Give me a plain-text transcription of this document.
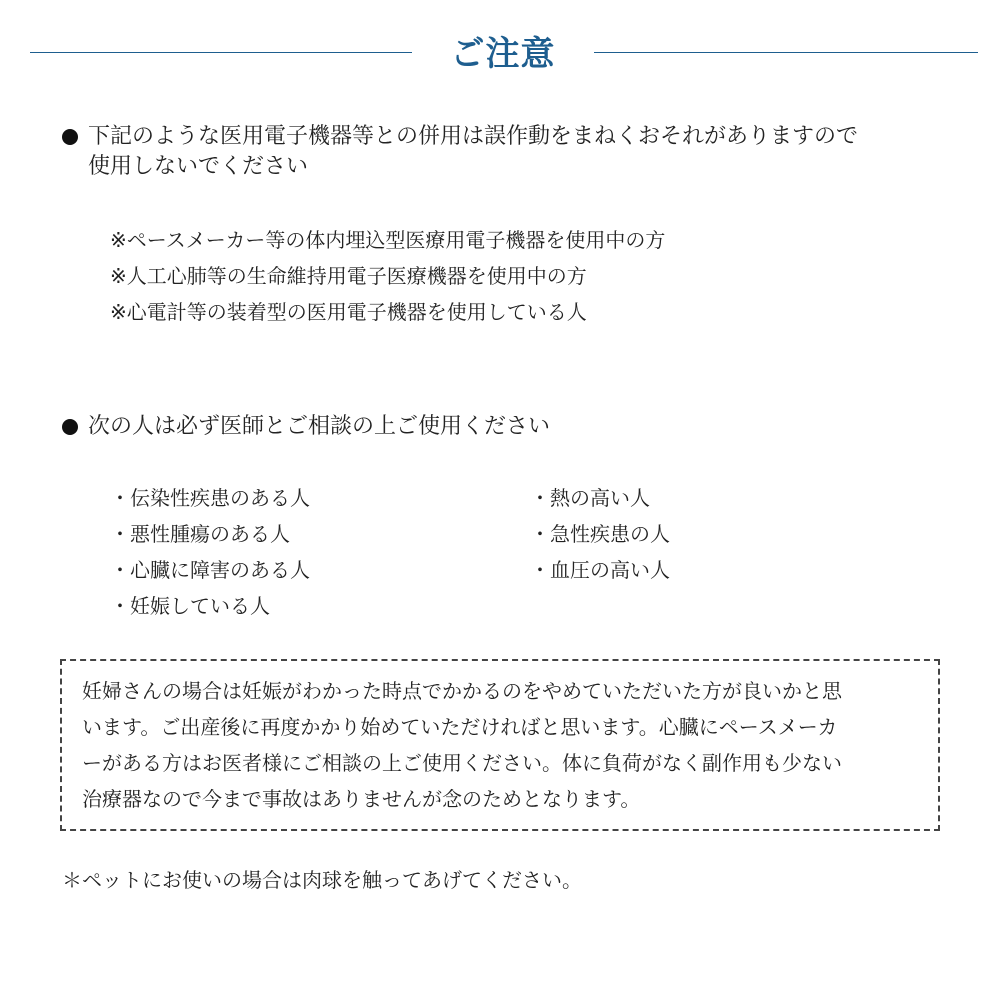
ご注意
下記のような医用電子機器等との併用は誤作動をまねくおそれがありますので
使用しないでください
※ペースメーカー等の体内埋込型医療用電子機器を使用中の方
※人工心肺等の生命維持用電子医療機器を使用中の方
※心電計等の装着型の医用電子機器を使用している人
次の人は必ず医師とご相談の上ご使用ください
・伝染性疾患のある人
・悪性腫瘍のある人
・心臓に障害のある人
・妊娠している人
・熱の高い人
・急性疾患の人
・血圧の高い人
妊婦さんの場合は妊娠がわかった時点でかかるのをやめていただいた方が良いかと思
います。ご出産後に再度かかり始めていただければと思います。心臓にペースメーカ
ーがある方はお医者様にご相談の上ご使用ください。体に負荷がなく副作用も少ない
治療器なので今まで事故はありませんが念のためとなります。
＊ペットにお使いの場合は肉球を触ってあげてください。
